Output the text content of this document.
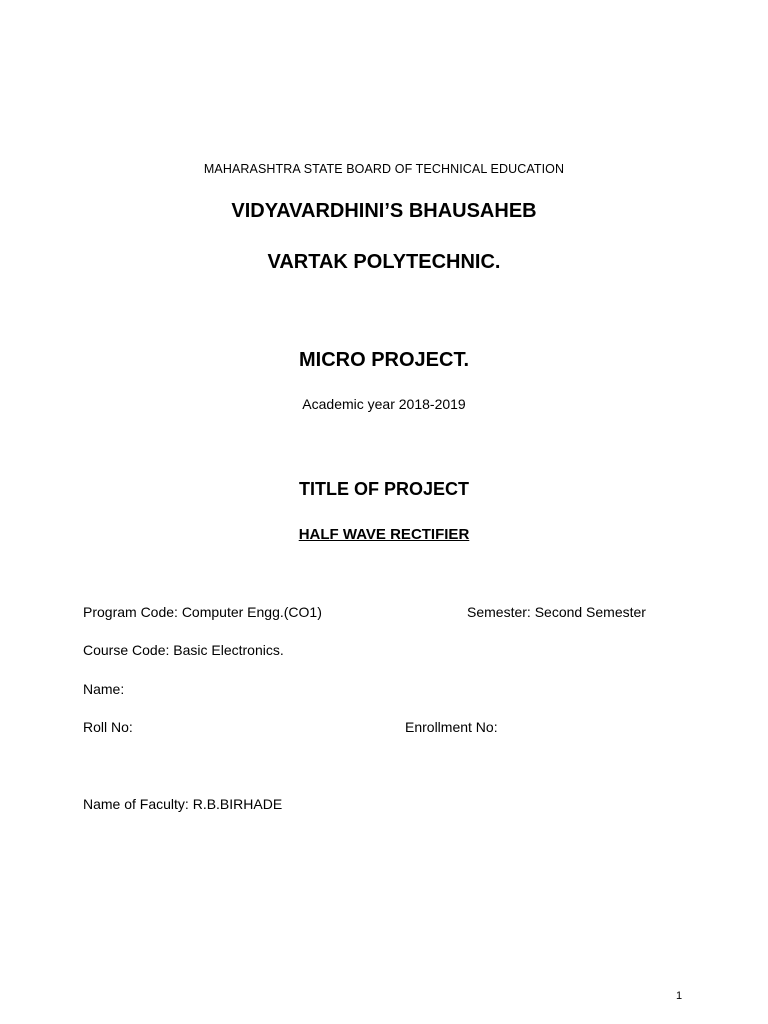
MAHARASHTRA STATE BOARD OF TECHNICAL EDUCATION
VIDYAVARDHINI’S BHAUSAHEB
VARTAK POLYTECHNIC.
MICRO PROJECT.
Academic year 2018-2019
TITLE OF PROJECT
HALF WAVE RECTIFIER
Program Code: Computer Engg.(CO1)	Semester: Second Semester
Course Code: Basic Electronics.
Name:
Roll No:	Enrollment No:
Name of Faculty: R.B.BIRHADE
1
